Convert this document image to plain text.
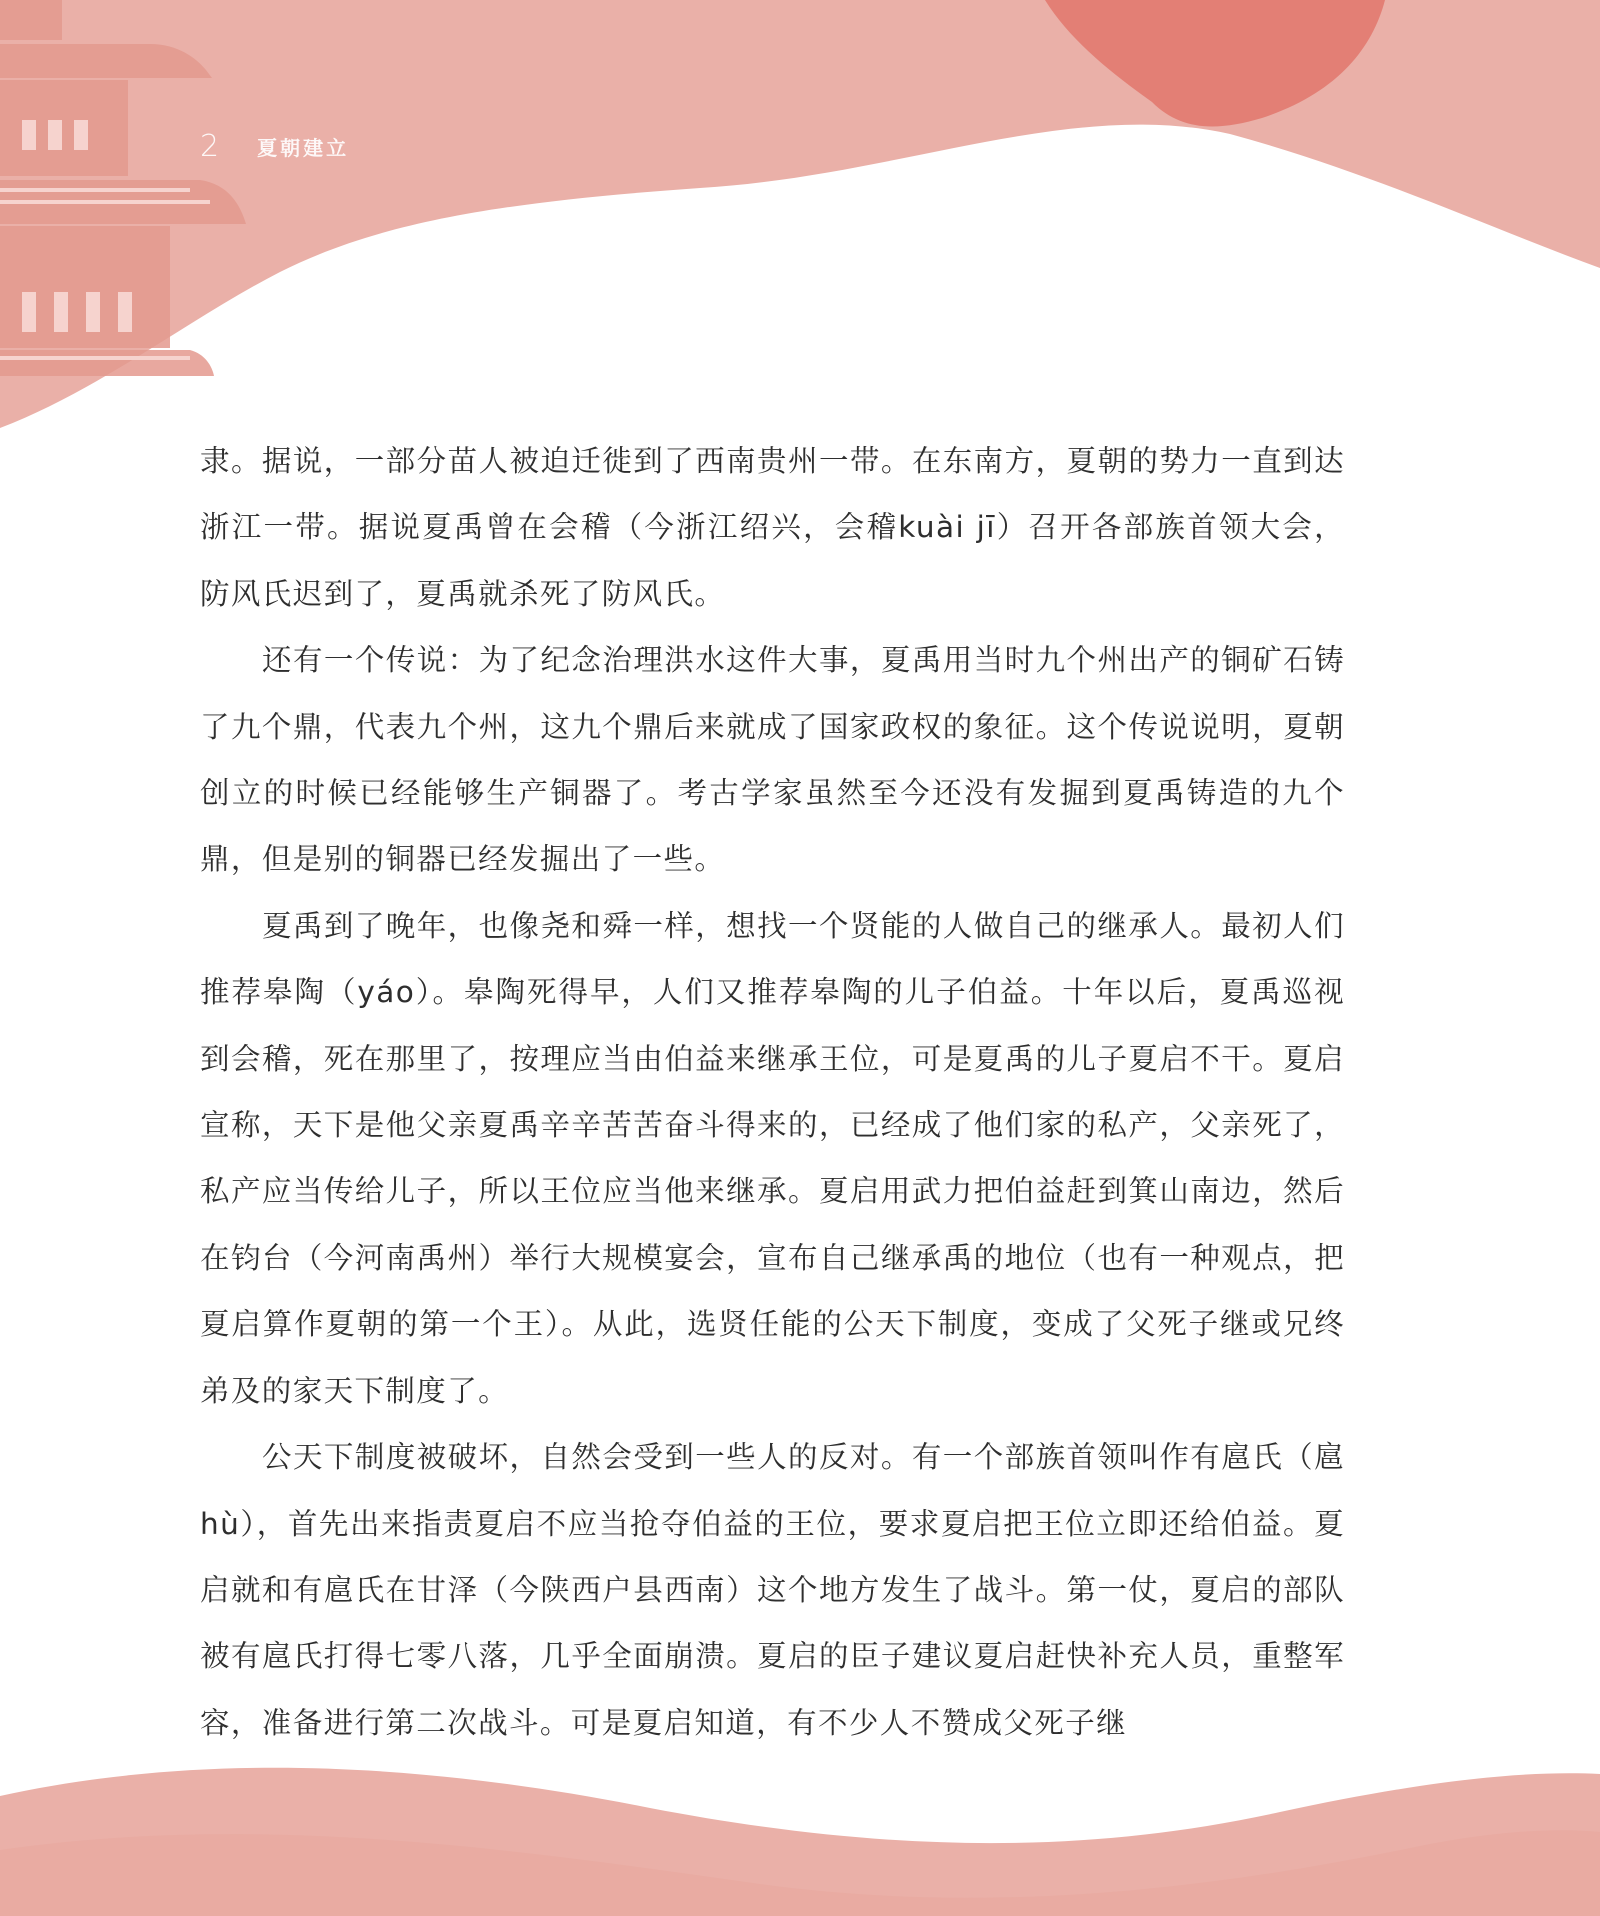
2 夏朝建立

隶。据说，一部分苗人被迫迁徙到了西南贵州一带。在东南方，夏朝的势力一直到达浙江一带。据说夏禹曾在会稽（今浙江绍兴，会稽kuài jī）召开各部族首领大会，防风氏迟到了，夏禹就杀死了防风氏。

还有一个传说：为了纪念治理洪水这件大事，夏禹用当时九个州出产的铜矿石铸了九个鼎，代表九个州，这九个鼎后来就成了国家政权的象征。这个传说说明，夏朝创立的时候已经能够生产铜器了。考古学家虽然至今还没有发掘到夏禹铸造的九个鼎，但是别的铜器已经发掘出了一些。

夏禹到了晚年，也像尧和舜一样，想找一个贤能的人做自己的继承人。最初人们推荐皋陶（yáo）。皋陶死得早，人们又推荐皋陶的儿子伯益。十年以后，夏禹巡视到会稽，死在那里了，按理应当由伯益来继承王位，可是夏禹的儿子夏启不干。夏启宣称，天下是他父亲夏禹辛辛苦苦奋斗得来的，已经成了他们家的私产，父亲死了，私产应当传给儿子，所以王位应当他来继承。夏启用武力把伯益赶到箕山南边，然后在钧台（今河南禹州）举行大规模宴会，宣布自己继承禹的地位（也有一种观点，把夏启算作夏朝的第一个王）。从此，选贤任能的公天下制度，变成了父死子继或兄终弟及的家天下制度了。

公天下制度被破坏，自然会受到一些人的反对。有一个部族首领叫作有扈氏（扈hù），首先出来指责夏启不应当抢夺伯益的王位，要求夏启把王位立即还给伯益。夏启就和有扈氏在甘泽（今陕西户县西南）这个地方发生了战斗。第一仗，夏启的部队被有扈氏打得七零八落，几乎全面崩溃。夏启的臣子建议夏启赶快补充人员，重整军容，准备进行第二次战斗。可是夏启知道，有不少人不赞成父死子继
